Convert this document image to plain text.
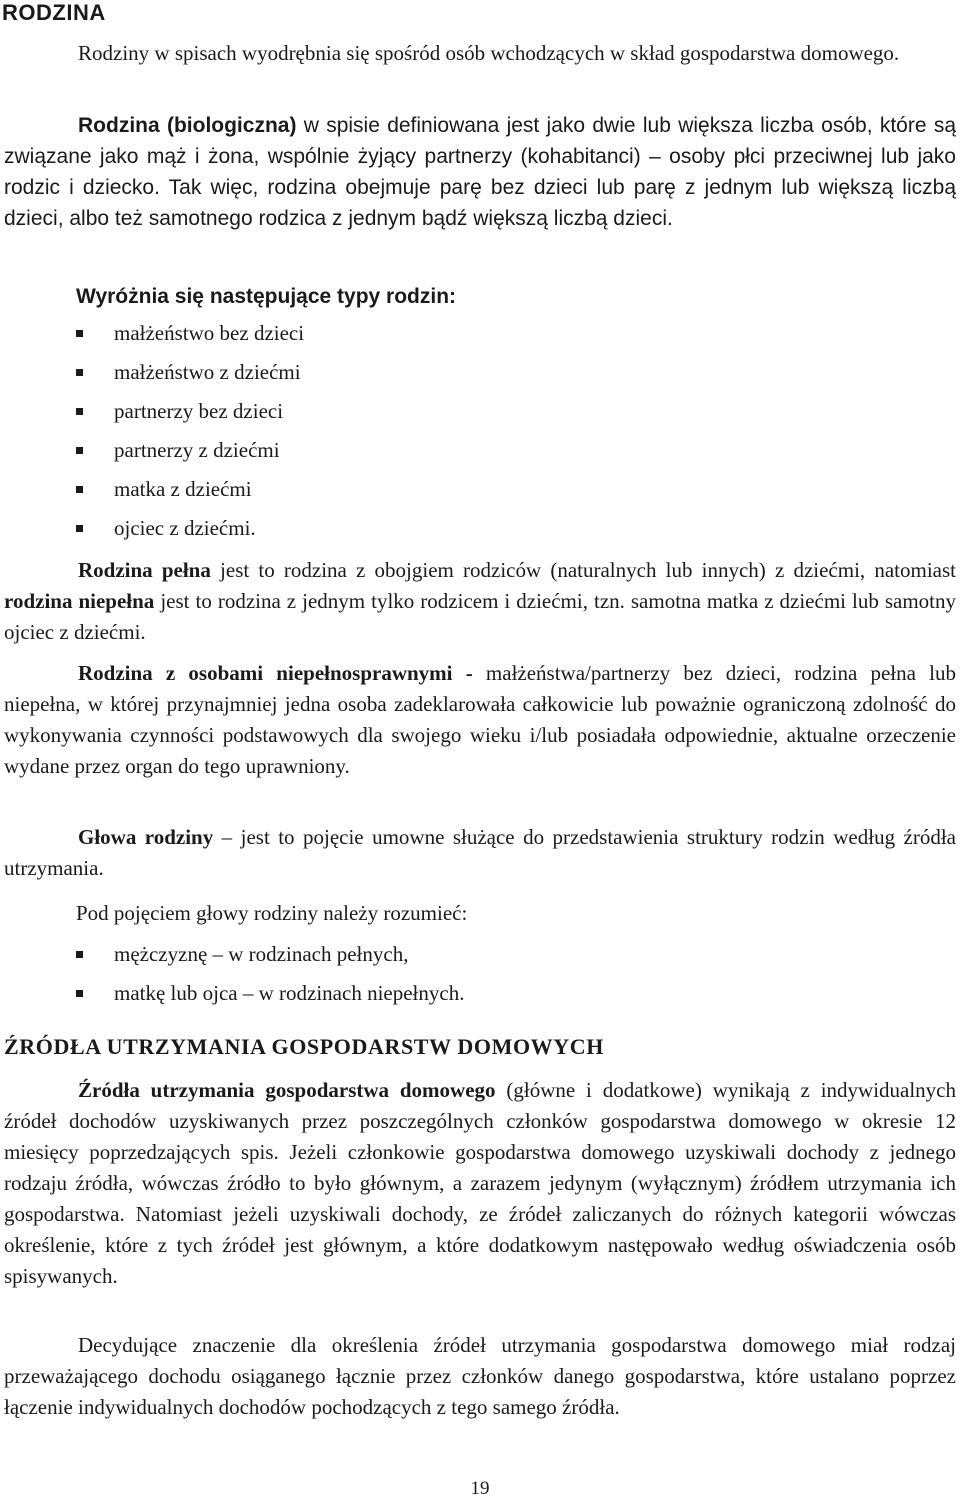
RODZINA
Rodziny w spisach wyodrębnia się spośród osób wchodzących w skład gospodarstwa domowego.
Rodzina (biologiczna) w spisie definiowana jest jako dwie lub większa liczba osób, które są związane jako mąż i żona, wspólnie żyjący partnerzy (kohabitanci) – osoby płci przeciwnej lub jako rodzic i dziecko. Tak więc, rodzina obejmuje parę bez dzieci lub parę z jednym lub większą liczbą dzieci, albo też samotnego rodzica z jednym bądź większą liczbą dzieci.
Wyróżnia się następujące typy rodzin:
małżeństwo bez dzieci
małżeństwo z dziećmi
partnerzy bez dzieci
partnerzy z dziećmi
matka z dziećmi
ojciec z dziećmi.
Rodzina pełna jest to rodzina z obojgiem rodziców (naturalnych lub innych) z dziećmi, natomiast rodzina niepełna jest to rodzina z jednym tylko rodzicem i dziećmi, tzn. samotna matka z dziećmi lub samotny ojciec z dziećmi.
Rodzina z osobami niepełnosprawnymi - małżeństwa/partnerzy bez dzieci, rodzina pełna lub niepełna, w której przynajmniej jedna osoba zadeklarowała całkowicie lub poważnie ograniczoną zdolność do wykonywania czynności podstawowych dla swojego wieku i/lub posiadała odpowiednie, aktualne orzeczenie wydane przez organ do tego uprawniony.
Głowa rodziny – jest to pojęcie umowne służące do przedstawienia struktury rodzin według źródła utrzymania.
Pod pojęciem głowy rodziny należy rozumieć:
mężczyznę – w rodzinach pełnych,
matkę lub ojca – w rodzinach niepełnych.
ŹRÓDŁA UTRZYMANIA GOSPODARSTW DOMOWYCH
Źródła utrzymania gospodarstwa domowego (główne i dodatkowe) wynikają z indywidualnych źródeł dochodów uzyskiwanych przez poszczególnych członków gospodarstwa domowego w okresie 12 miesięcy poprzedzających spis. Jeżeli członkowie gospodarstwa domowego uzyskiwali dochody z jednego rodzaju źródła, wówczas źródło to było głównym, a zarazem jedynym (wyłącznym) źródłem utrzymania ich gospodarstwa. Natomiast jeżeli uzyskiwali dochody, ze źródeł zaliczanych do różnych kategorii wówczas określenie, które z tych źródeł jest głównym, a które dodatkowym następowało według oświadczenia osób spisywanych.
Decydujące znaczenie dla określenia źródeł utrzymania gospodarstwa domowego miał rodzaj przeważającego dochodu osiąganego łącznie przez członków danego gospodarstwa, które ustalano poprzez łączenie indywidualnych dochodów pochodzących z tego samego źródła.
19
